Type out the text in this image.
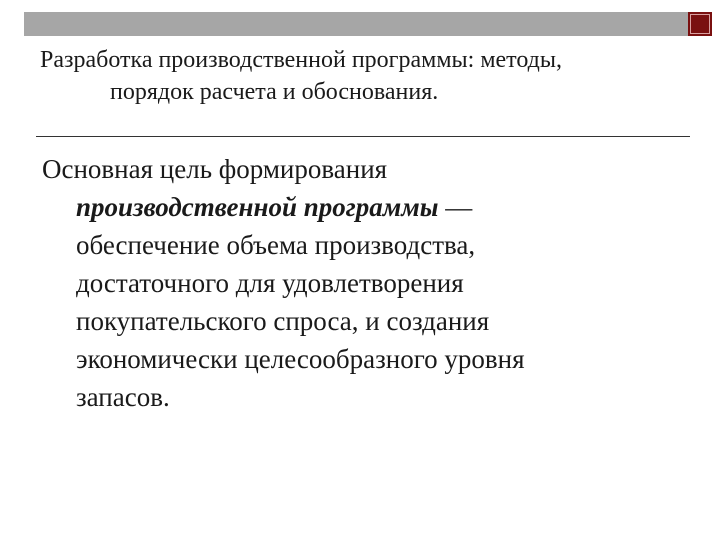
Разработка производственной программы: методы,
порядок расчета и обоснования.

Основная цель формирования
производственной программы —
обеспечение объема производства,
достаточного для удовлетворения
покупательского спроса, и создания
экономически целесообразного уровня
запасов.
